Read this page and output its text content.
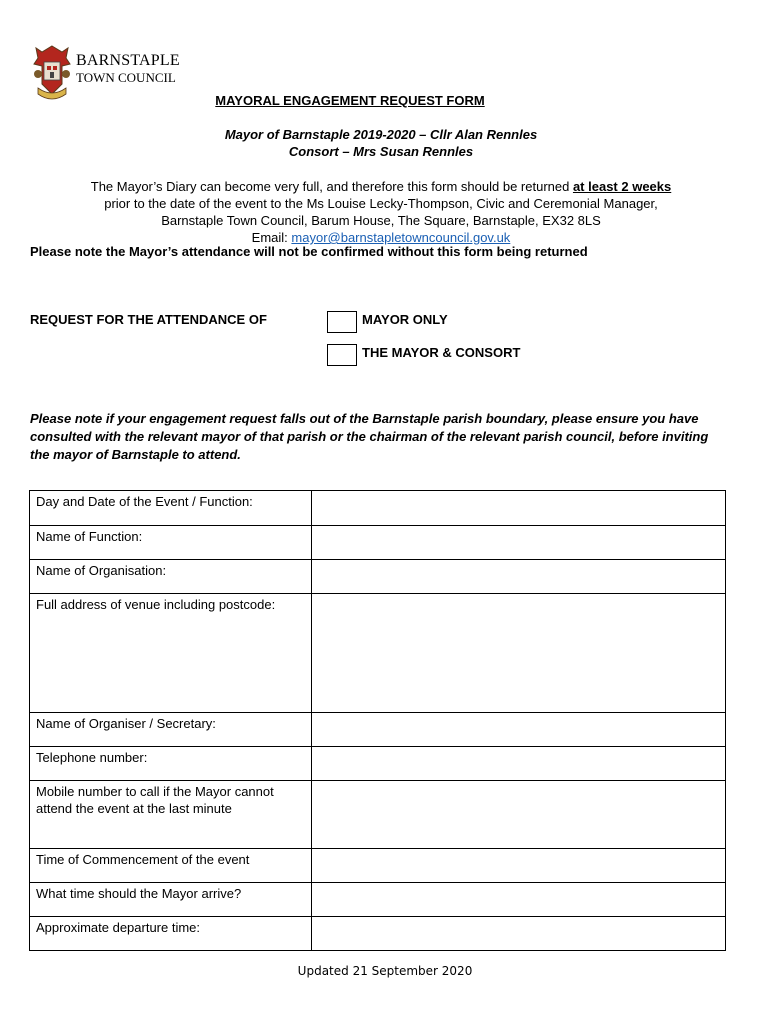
BARNSTAPLE
TOWN COUNCIL
MAYORAL ENGAGEMENT REQUEST FORM
Mayor of Barnstaple 2019-2020 – Cllr Alan Rennles
Consort – Mrs Susan Rennles
The Mayor’s Diary can become very full, and therefore this form should be returned at least 2 weeks
prior to the date of the event to the Ms Louise Lecky-Thompson, Civic and Ceremonial Manager,
Barnstaple Town Council, Barum House, The Square, Barnstaple, EX32 8LS
Email: mayor@barnstapletowncouncil.gov.uk
Please note the Mayor’s attendance will not be confirmed without this form being returned
REQUEST FOR THE ATTENDANCE OF	MAYOR ONLY
THE MAYOR & CONSORT
Please note if your engagement request falls out of the Barnstaple parish boundary, please ensure you have consulted with the relevant mayor of that parish or the chairman of the relevant parish council, before inviting the mayor of Barnstaple to attend.
Day and Date of the Event / Function:	
Name of Function:	
Name of Organisation:	
Full address of venue including postcode:	
Name of Organiser / Secretary:	
Telephone number:	
Mobile number to call if the Mayor cannot attend the event at the last minute	
Time of Commencement of the event	
What time should the Mayor arrive?	
Approximate departure time:	
Updated 21 September 2020
